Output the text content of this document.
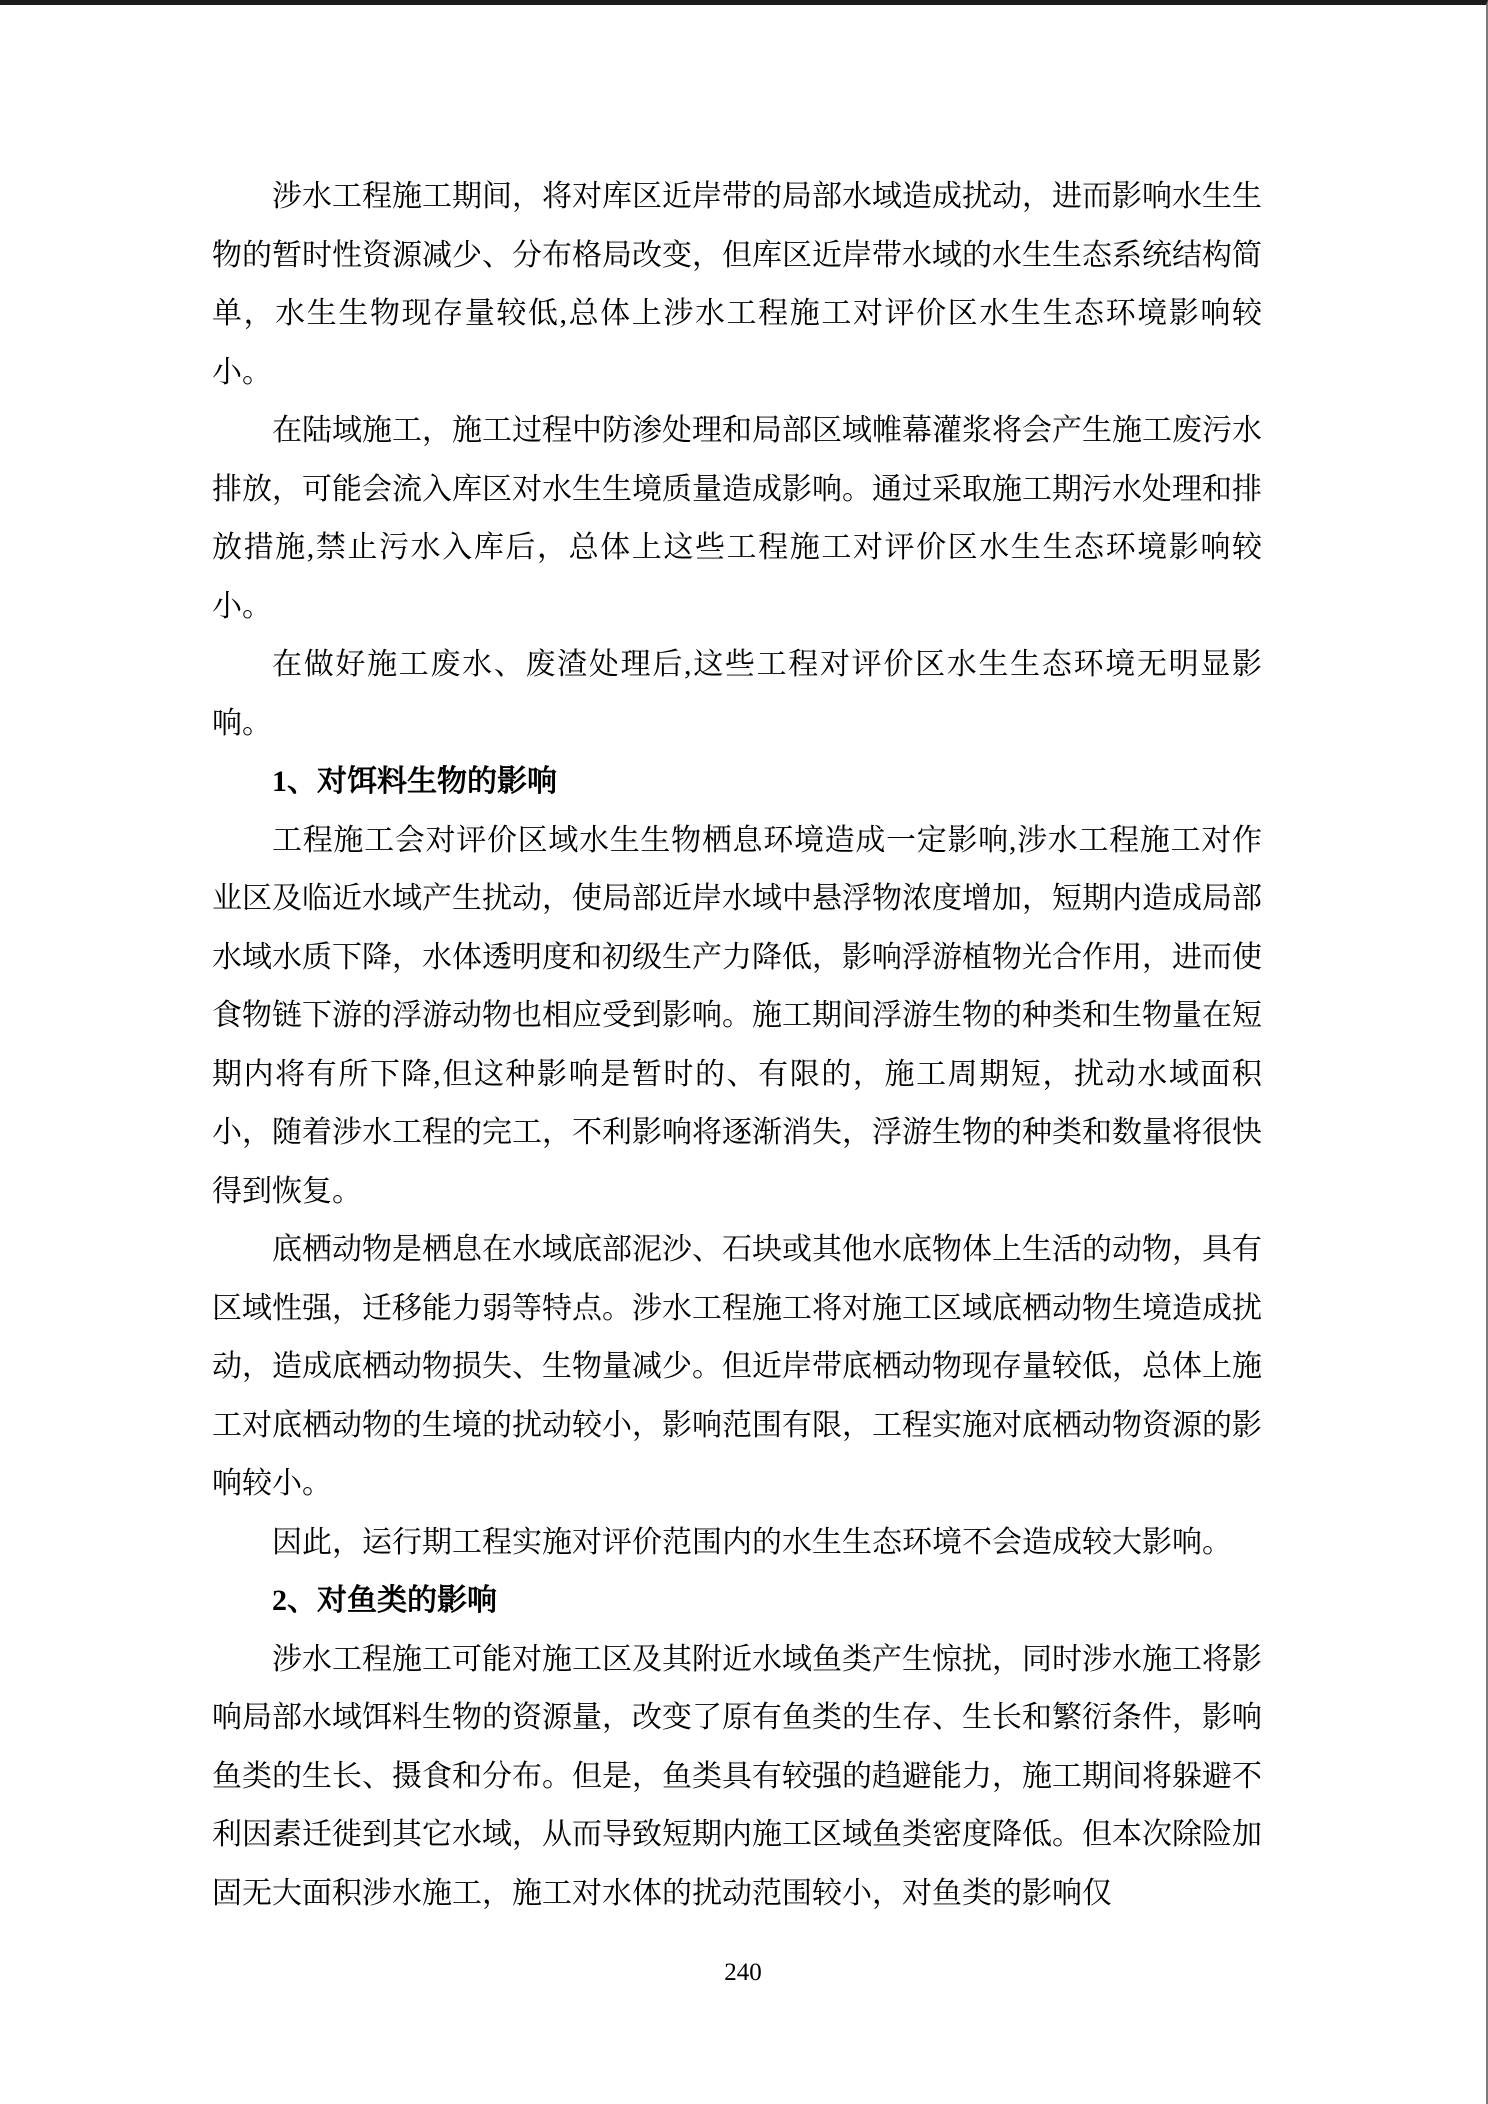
涉水工程施工期间，将对库区近岸带的局部水域造成扰动，进而影响水生生物的暂时性资源减少、分布格局改变，但库区近岸带水域的水生生态系统结构简单，水生生物现存量较低,总体上涉水工程施工对评价区水生生态环境影响较小。

在陆域施工，施工过程中防渗处理和局部区域帷幕灌浆将会产生施工废污水排放，可能会流入库区对水生生境质量造成影响。通过采取施工期污水处理和排放措施,禁止污水入库后，总体上这些工程施工对评价区水生生态环境影响较小。

在做好施工废水、废渣处理后,这些工程对评价区水生生态环境无明显影响。

1、对饵料生物的影响

工程施工会对评价区域水生生物栖息环境造成一定影响,涉水工程施工对作业区及临近水域产生扰动，使局部近岸水域中悬浮物浓度增加，短期内造成局部水域水质下降，水体透明度和初级生产力降低，影响浮游植物光合作用，进而使食物链下游的浮游动物也相应受到影响。施工期间浮游生物的种类和生物量在短期内将有所下降,但这种影响是暂时的、有限的，施工周期短，扰动水域面积小，随着涉水工程的完工，不利影响将逐渐消失，浮游生物的种类和数量将很快得到恢复。

底栖动物是栖息在水域底部泥沙、石块或其他水底物体上生活的动物，具有区域性强，迁移能力弱等特点。涉水工程施工将对施工区域底栖动物生境造成扰动，造成底栖动物损失、生物量减少。但近岸带底栖动物现存量较低，总体上施工对底栖动物的生境的扰动较小，影响范围有限，工程实施对底栖动物资源的影响较小。

因此，运行期工程实施对评价范围内的水生生态环境不会造成较大影响。

2、对鱼类的影响

涉水工程施工可能对施工区及其附近水域鱼类产生惊扰，同时涉水施工将影响局部水域饵料生物的资源量，改变了原有鱼类的生存、生长和繁衍条件，影响鱼类的生长、摄食和分布。但是，鱼类具有较强的趋避能力，施工期间将躲避不利因素迁徙到其它水域，从而导致短期内施工区域鱼类密度降低。但本次除险加固无大面积涉水施工，施工对水体的扰动范围较小，对鱼类的影响仅

240
